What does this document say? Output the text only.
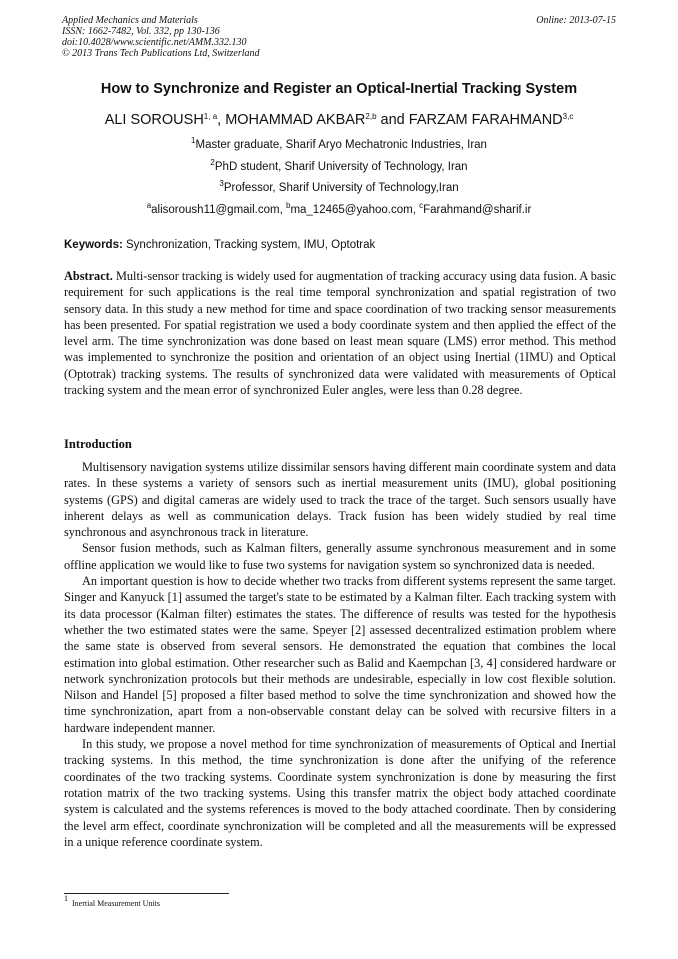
Applied Mechanics and Materials
ISSN: 1662-7482, Vol. 332, pp 130-136
doi:10.4028/www.scientific.net/AMM.332.130
© 2013 Trans Tech Publications Ltd, Switzerland
Online: 2013-07-15
How to Synchronize and Register an Optical-Inertial Tracking System
ALI SOROUSH$^{1, a}$, MOHAMMAD AKBAR$^{2,b}$ and FARZAM FARAHMAND$^{3,c}$
$^1$Master graduate, Sharif Aryo Mechatronic Industries, Iran
$^2$PhD student, Sharif University of Technology, Iran
$^3$Professor, Sharif University of Technology,Iran
$^a$alisoroush11@gmail.com, $^b$ma_12465@yahoo.com, $^c$Farahmand@sharif.ir
Keywords: Synchronization, Tracking system, IMU, Optotrak

Abstract. Multi-sensor tracking is widely used for augmentation of tracking accuracy using data fusion. A basic requirement for such applications is the real time temporal synchronization and spatial registration of two sensory data. In this study a new method for time and space coordination of two tracking sensor measurements has been presented. For spatial registration we used a body coordinate system and then applied the effect of the level arm. The time synchronization was done based on least mean square (LMS) error method. This method was implemented to synchronize the position and orientation of an object using Inertial (1IMU) and Optical (Optotrak) tracking systems. The results of synchronized data were validated with measurements of Optical tracking system and the mean error of synchronized Euler angles, were less than 0.28 degree.

Introduction

Multisensory navigation systems utilize dissimilar sensors having different main coordinate system and data rates. In these systems a variety of sensors such as inertial measurement units (IMU), global positioning systems (GPS) and digital cameras are widely used to track the trace of the target. Such sensors usually have inherent delays as well as communication delays. Track fusion has been widely studied by real time synchronous and asynchronous track in literature.

Sensor fusion methods, such as Kalman filters, generally assume synchronous measurement and in some offline application we would like to fuse two systems for navigation system so synchronized data is needed.

An important question is how to decide whether two tracks from different systems represent the same target. Singer and Kanyuck [1] assumed the target's state to be estimated by a Kalman filter. Each tracking system with its data processor (Kalman filter) estimates the states. The difference of results was tested for the hypothesis whether the two estimated states were the same. Speyer [2] assessed decentralized estimation problem where the same state is observed from several sensors. He demonstrated the equation that combines the local estimation into global estimation. Other researcher such as Balid and Kaempchan [3, 4] considered hardware or network synchronization protocols but their methods are undesirable, especially in low cost flexible solution. Nilson and Handel [5] proposed a filter based method to solve the time synchronization and showed how the time synchronization, apart from a non-observable constant delay can be solved with recursive filters in a hardware independent manner.

In this study, we propose a novel method for time synchronization of measurements of Optical and Inertial tracking systems. In this method, the time synchronization is done after the unifying of the reference coordinates of the two tracking systems. Coordinate system synchronization is done by measuring the first rotation matrix of the two tracking systems. Using this transfer matrix the object body attached coordinate system is calculated and the systems references is moved to the body attached coordinate. Then by considering the level arm effect, coordinate synchronization will be completed and all the measurements will be expressed in a unique reference coordinate system.

$^1$  Inertial Measurement Units
